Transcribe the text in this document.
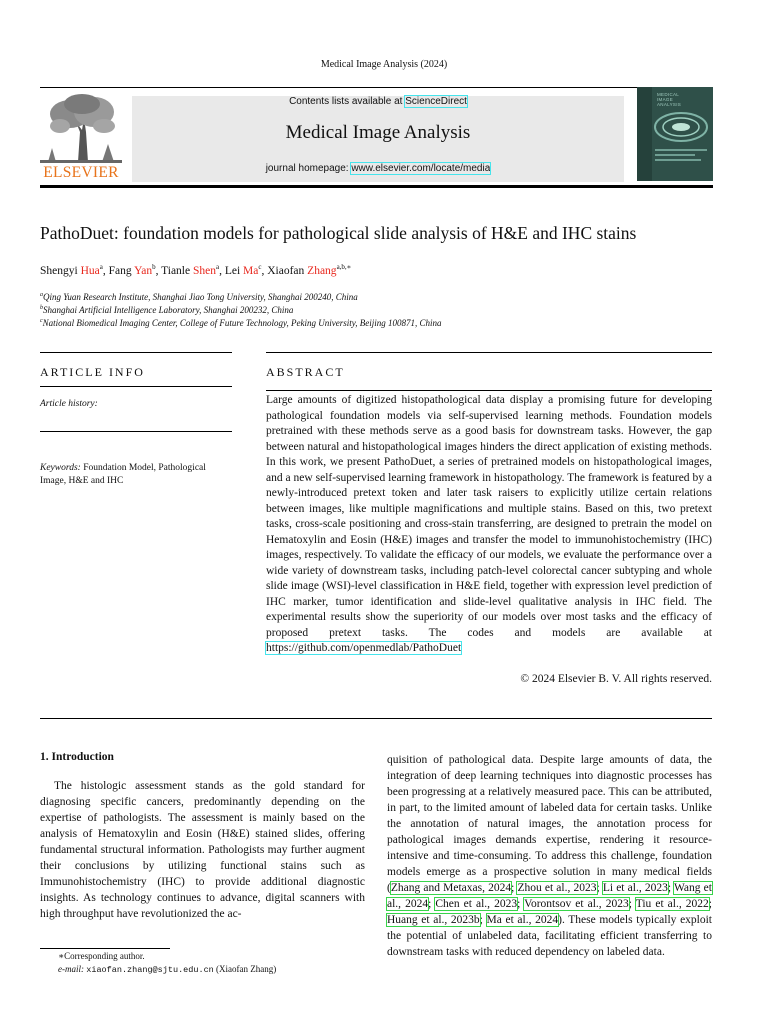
Medical Image Analysis (2024)
ELSEVIER
Contents lists available at ScienceDirect
Medical Image Analysis
journal homepage: www.elsevier.com/locate/media
MEDICAL IMAGE ANALYSIS
PathoDuet: foundation models for pathological slide analysis of H&E and IHC stains
Shengyi Hua$^a$, Fang Yan$^b$, Tianle Shen$^a$, Lei Ma$^c$, Xiaofan Zhang$^{a,b,∗}$
$^a$Qing Yuan Research Institute, Shanghai Jiao Tong University, Shanghai 200240, China
$^b$Shanghai Artificial Intelligence Laboratory, Shanghai 200232, China
$^c$National Biomedical Imaging Center, College of Future Technology, Peking University, Beijing 100871, China
ARTICLE INFO
Article history:
Keywords: Foundation Model, Pathological Image, H&E and IHC
ABSTRACT
Large amounts of digitized histopathological data display a promising future for developing pathological foundation models via self-supervised learning methods. Foundation models pretrained with these methods serve as a good basis for downstream tasks. However, the gap between natural and histopathological images hinders the direct application of existing methods. In this work, we present PathoDuet, a series of pretrained models on histopathological images, and a new self-supervised learning framework in histopathology. The framework is featured by a newly-introduced pretext token and later task raisers to explicitly utilize certain relations between images, like multiple magnifications and multiple stains. Based on this, two pretext tasks, cross-scale positioning and cross-stain transferring, are designed to pretrain the model on Hematoxylin and Eosin (H&E) images and transfer the model to immunohistochemistry (IHC) images, respectively. To validate the efficacy of our models, we evaluate the performance over a wide variety of downstream tasks, including patch-level colorectal cancer subtyping and whole slide image (WSI)-level classification in H&E field, together with expression level prediction of IHC marker, tumor identification and slide-level qualitative analysis in IHC field. The experimental results show the superiority of our models over most tasks and the efficacy of proposed pretext tasks. The codes and models are available at https://github.com/openmedlab/PathoDuet
© 2024 Elsevier B. V. All rights reserved.
1. Introduction
The histologic assessment stands as the gold standard for diagnosing specific cancers, predominantly depending on the expertise of pathologists. The assessment is mainly based on the analysis of Hematoxylin and Eosin (H&E) stained slides, offering fundamental structural information. Pathologists may further augment their conclusions by utilizing functional stains such as Immunohistochemistry (IHC) to provide additional diagnostic insights. As technology continues to advance, digital scanners with high throughput have revolutionized the ac-
quisition of pathological data. Despite large amounts of data, the integration of deep learning techniques into diagnostic processes has been progressing at a relatively measured pace. This can be attributed, in part, to the limited amount of labeled data for certain tasks. Unlike the annotation of natural images, the annotation process for pathological images demands expertise, rendering it resource-intensive and time-consuming. To address this challenge, foundation models emerge as a prospective solution in many medical fields (Zhang and Metaxas, 2024; Zhou et al., 2023; Li et al., 2023; Wang et al., 2024; Chen et al., 2023; Vorontsov et al., 2023; Tiu et al., 2022; Huang et al., 2023b; Ma et al., 2024). These models typically exploit the potential of unlabeled data, facilitating efficient transferring to downstream tasks with reduced dependency on labeled data.
∗Corresponding author.
e-mail: xiaofan.zhang@sjtu.edu.cn (Xiaofan Zhang)
